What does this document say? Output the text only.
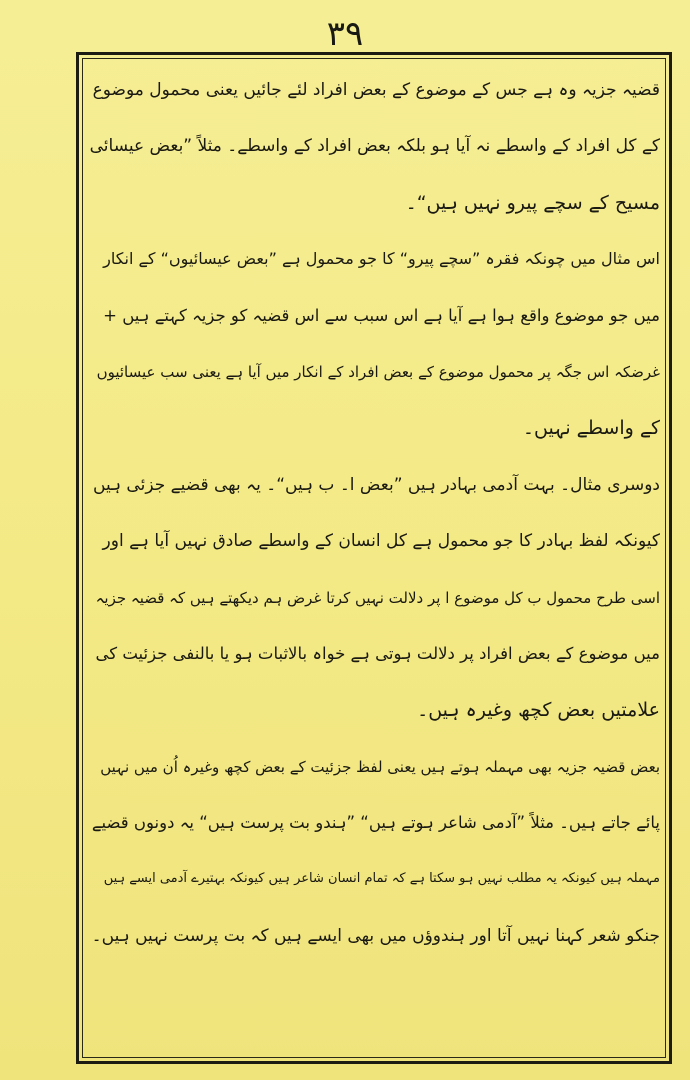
٣٩
قضیہ جزیہ وہ ہے جس کے موضوع کے بعض افراد لئے جائیں یعنی محمول موضوع
کے کل افراد کے واسطے نہ آیا ہو بلکہ بعض افراد کے واسطے۔ مثلاً ”بعض عیسائی
مسیح کے سچے پیرو نہیں ہیں“۔
اس مثال میں چونکہ فقرہ ”سچے پیرو“ کا جو محمول ہے ”بعض عیسائیوں“ کے انکار
میں جو موضوع واقع ہوا ہے آیا ہے اس سبب سے اس قضیہ کو جزیہ کہتے ہیں +
غرضکہ اس جگہ پر محمول موضوع کے بعض افراد کے انکار میں آیا ہے یعنی سب عیسائیوں
کے واسطے نہیں۔
دوسری مثال۔ بہت آدمی بہادر ہیں ”بعض ا۔ ب ہیں“۔ یہ بھی قضیے جزئی ہیں
کیونکہ لفظ بہادر کا جو محمول ہے کل انسان کے واسطے صادق نہیں آیا ہے اور
اسی طرح محمول ب کل موضوع ا پر دلالت نہیں کرتا غرض ہم دیکھتے ہیں کہ قضیہ جزیہ
میں موضوع کے بعض افراد پر دلالت ہوتی ہے خواہ بالاثبات ہو یا بالنفی جزئیت کی
علامتیں بعض کچھ وغیرہ ہیں۔
بعض قضیہ جزیہ بھی مہملہ ہوتے ہیں یعنی لفظ جزئیت کے بعض کچھ وغیرہ اُن میں نہیں
پائے جاتے ہیں۔ مثلاً ”آدمی شاعر ہوتے ہیں“ ”ہندو بت پرست ہیں“ یہ دونوں قضیے
مہملہ ہیں کیونکہ یہ مطلب نہیں ہو سکتا ہے کہ تمام انسان شاعر ہیں کیونکہ بہتیرے آدمی ایسے ہیں
جنکو شعر کہنا نہیں آتا اور ہندوؤں میں بھی ایسے ہیں کہ بت پرست نہیں ہیں۔
